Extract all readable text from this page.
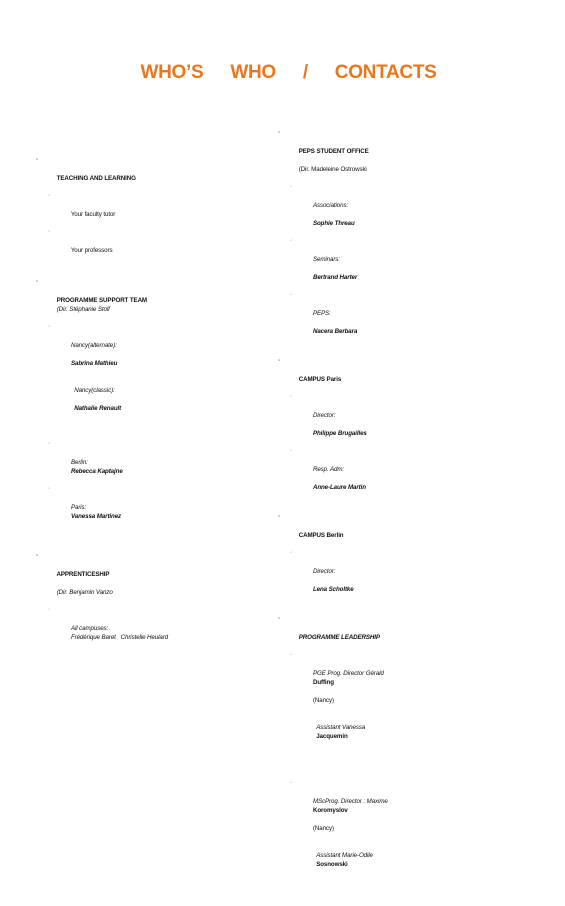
WHO’S WHO / CONTACTS

•

TEACHING AND LEARNING

◦

Your faculty tutor

◦

Your professors

•

PROGRAMME SUPPORT TEAM
(Dir. Stéphanie Stolf

◦

Nancy(alternate):

Sabrina Mathieu

Nancy(classic):

Nathalie Renault

◦

Berlin:
Rebecca Kaptajne

◦

Paris:
Vanessa Martinez

•

APPRENTICESHIP

(Dir. Benjamin Vanzo

◦

All campuses:
Frédérique Baret   Christelle Heulard

•

PEPS STUDENT OFFICE

(Dir. Madeleine Ostrowski

◦

Associations:

Sophie Threau

◦

Seminars:

Bertrand Harter

◦

PEPS:

Nacera Berbara

•

CAMPUS Paris

◦

Director:

Philippe Brugailles

◦

Resp. Adm:

Anne-Laure Martin

•

CAMPUS Berlin

◦

Director:

Lena Scholtke

•

PROGRAMME LEADERSHIP

◦

PGE Prog. Director Gérald
Duffing

(Nancy)

Assistant Vanessa
Jacquemin

◦

MScProg. Director : Maxime
Koromyslov

(Nancy)

Assistant Marie-Odile
Sosnowski
